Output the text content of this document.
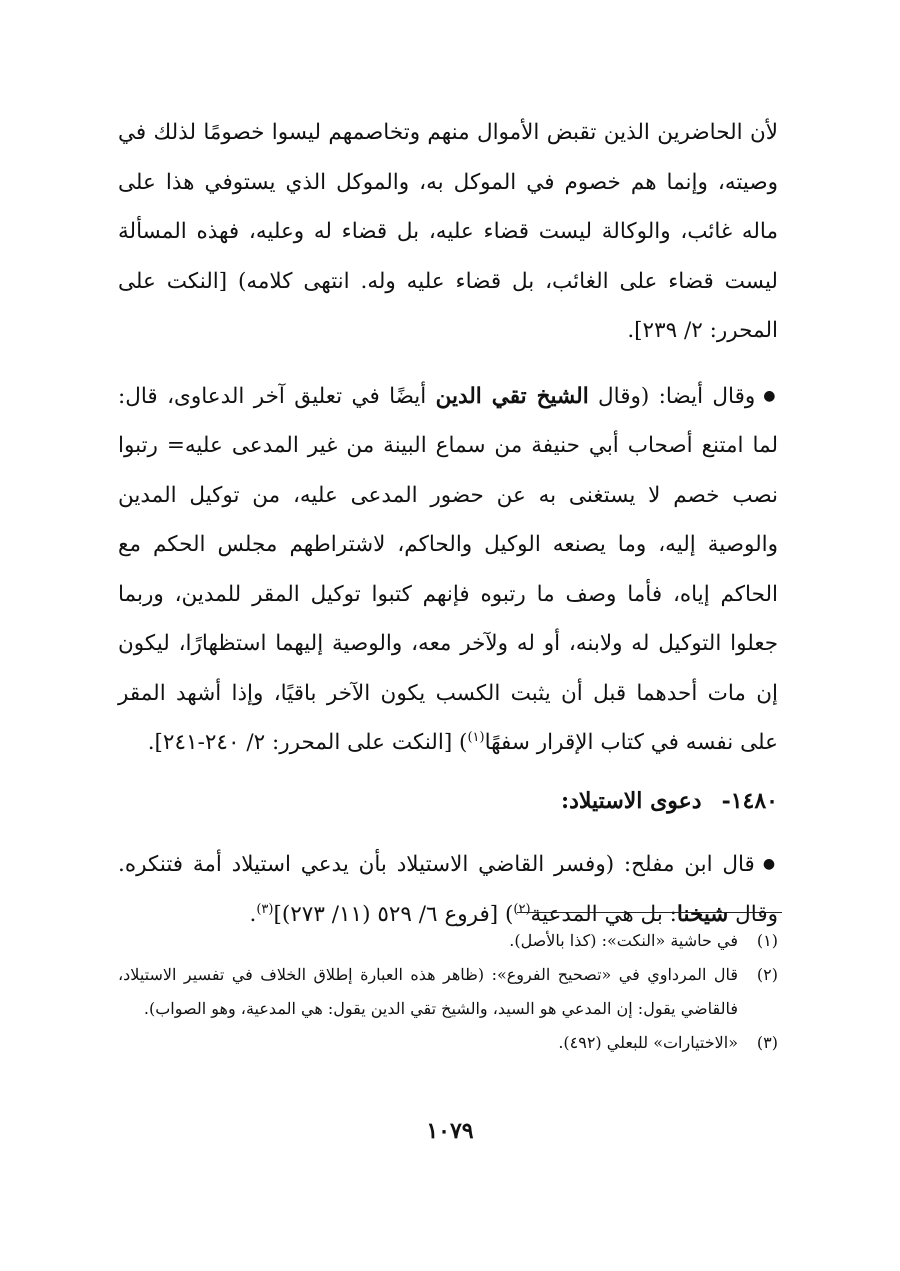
لأن الحاضرين الذين تقبض الأموال منهم وتخاصمهم ليسوا خصومًا لذلك في وصيته، وإنما هم خصوم في الموكل به، والموكل الذي يستوفي هذا على ماله غائب، والوكالة ليست قضاء عليه، بل قضاء له وعليه، فهذه المسألة ليست قضاء على الغائب، بل قضاء عليه وله. انتهى كلامه) [النكت على المحرر: ٢/ ٢٣٩].

●وقال أيضا: (وقال الشيخ تقي الدين أيضًا في تعليق آخر الدعاوى، قال: لما امتنع أصحاب أبي حنيفة من سماع البينة من غير المدعى عليه= رتبوا نصب خصم لا يستغنى به عن حضور المدعى عليه، من توكيل المدين والوصية إليه، وما يصنعه الوكيل والحاكم، لاشتراطهم مجلس الحكم مع الحاكم إياه، فأما وصف ما رتبوه فإنهم كتبوا توكيل المقر للمدين، وربما جعلوا التوكيل له ولابنه، أو له ولآخر معه، والوصية إليهما استظهارًا، ليكون إن مات أحدهما قبل أن يثبت الكسب يكون الآخر باقيًا، وإذا أشهد المقر على نفسه في كتاب الإقرار سفهًا$^{(١)}$) [النكت على المحرر: ٢/ ٢٤٠-٢٤١].

١٤٨٠-دعوى الاستيلاد:

●قال ابن مفلح: (وفسر القاضي الاستيلاد بأن يدعي استيلاد أمة فتنكره. وقال شيخنا: بل هي المدعية$^{(٢)}$) [فروع ٦/ ٥٢٩ (١١/ ٢٧٣)]$^{(٣)}$.

(١)
في حاشية «النكت»: (كذا بالأصل).
(٢)
قال المرداوي في «تصحيح الفروع»: (ظاهر هذه العبارة إطلاق الخلاف في تفسير الاستيلاد، فالقاضي يقول: إن المدعي هو السيد، والشيخ تقي الدين يقول: هي المدعية، وهو الصواب).
(٣)
«الاختيارات» للبعلي (٤٩٢).
١٠٧٩
